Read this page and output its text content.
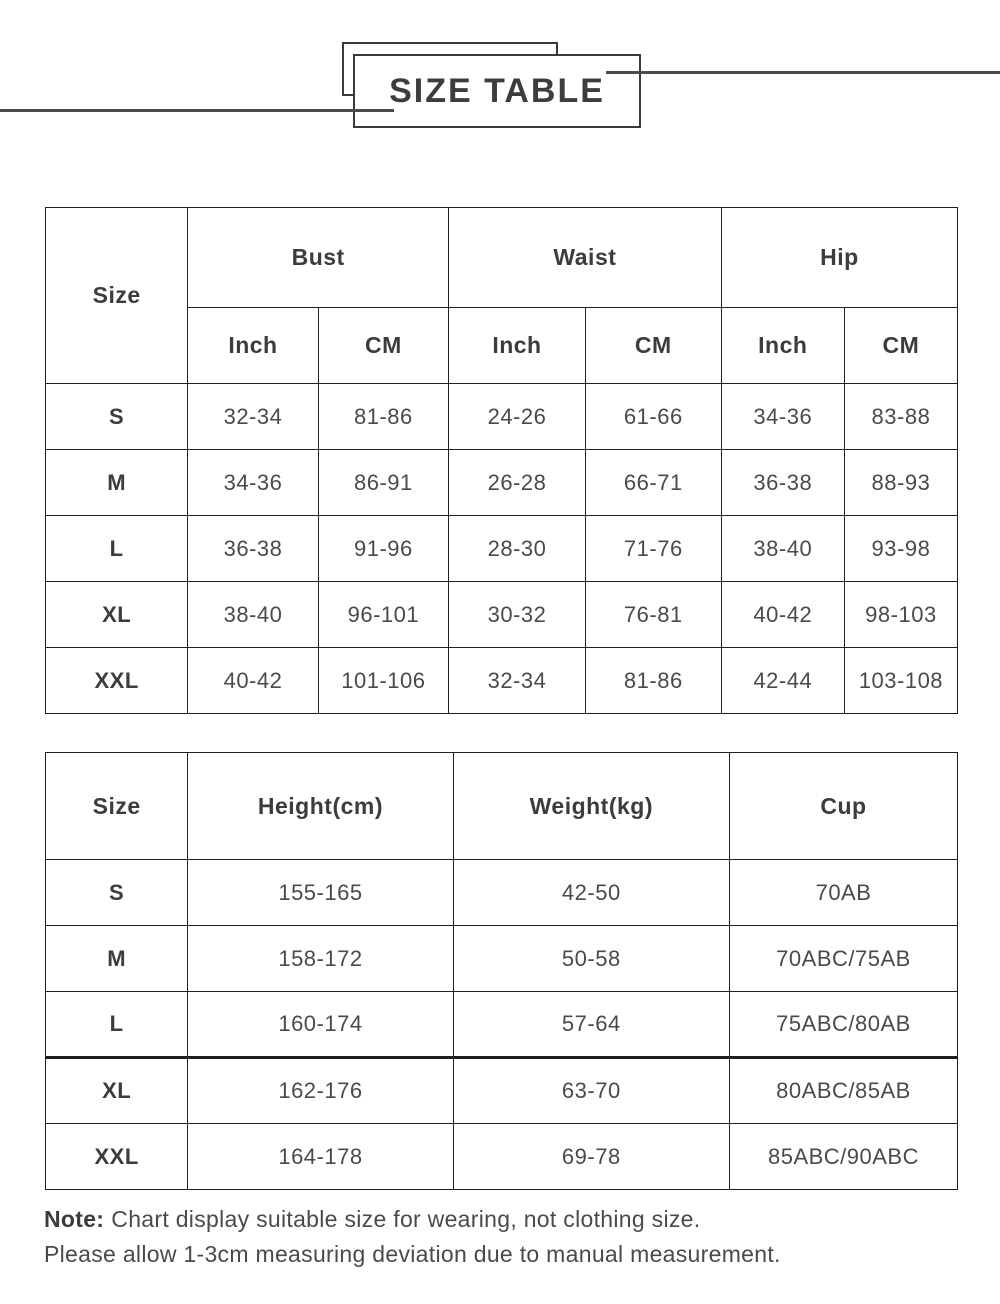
SIZE TABLE
Size	Bust		Waist		Hip	
	Inch	CM	Inch	CM	Inch	CM
S	32-34	81-86	24-26	61-66	34-36	83-88
M	34-36	86-91	26-28	66-71	36-38	88-93
L	36-38	91-96	28-30	71-76	38-40	93-98
XL	38-40	96-101	30-32	76-81	40-42	98-103
XXL	40-42	101-106	32-34	81-86	42-44	103-108
Size	Height(cm)	Weight(kg)	Cup
S	155-165	42-50	70AB
M	158-172	50-58	70ABC/75AB
L	160-174	57-64	75ABC/80AB
XL	162-176	63-70	80ABC/85AB
XXL	164-178	69-78	85ABC/90ABC

Note: Chart display suitable size for wearing, not clothing size.

Please allow 1-3cm measuring deviation due to manual measurement.
